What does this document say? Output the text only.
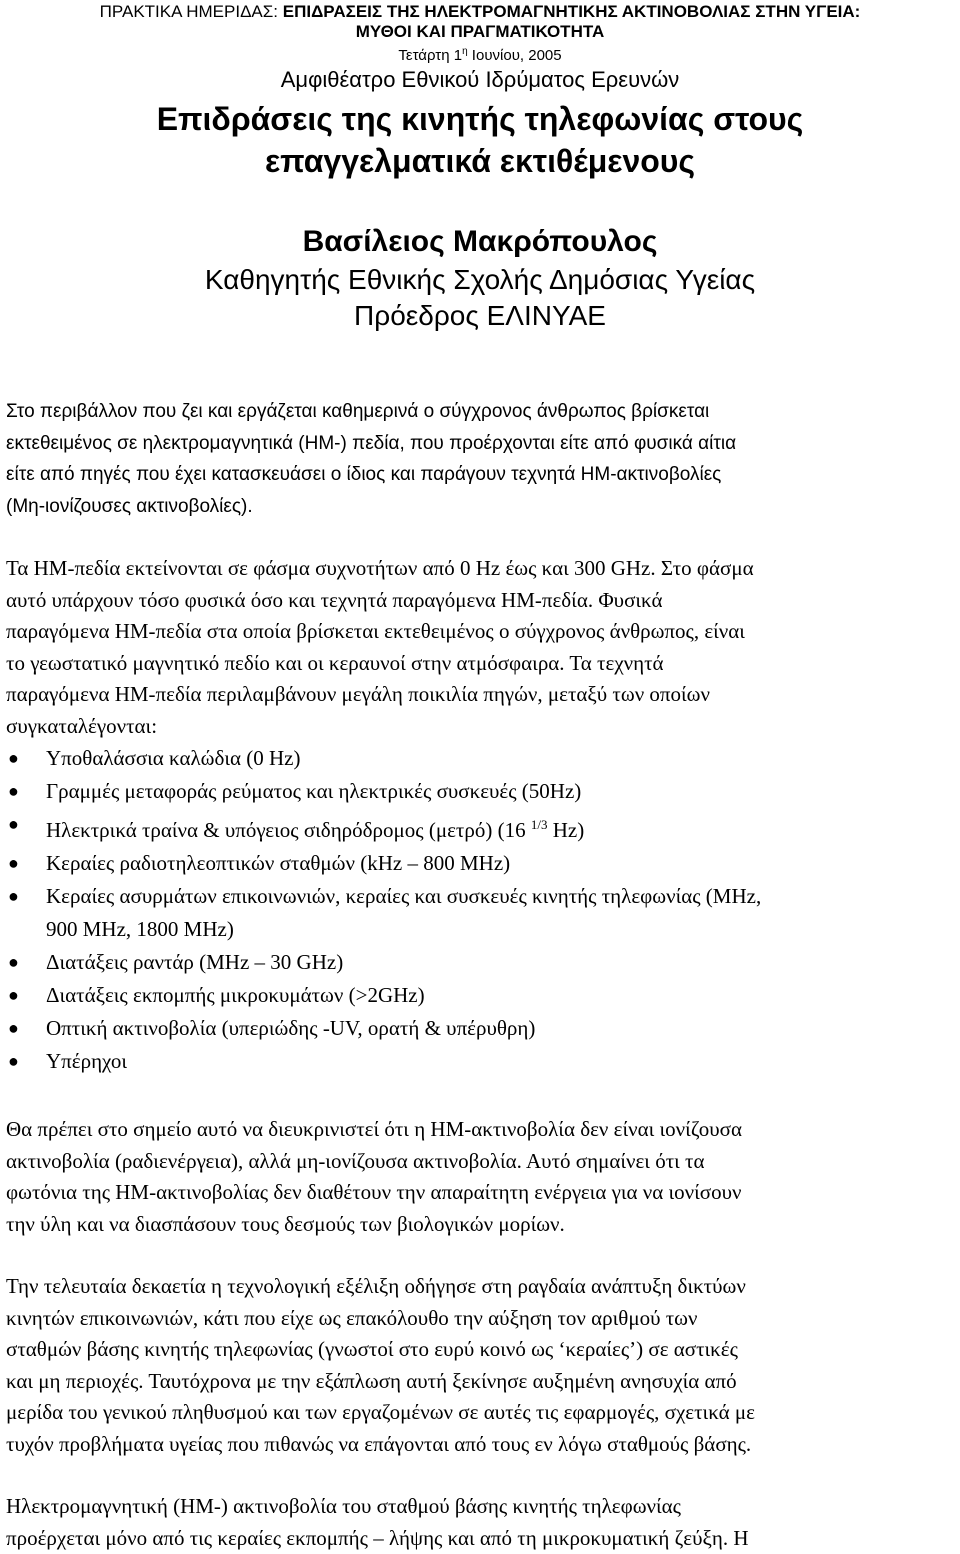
ΠΡΑΚΤΙΚΑ ΗΜΕΡΙΔΑΣ: ΕΠΙΔΡΑΣΕΙΣ ΤΗΣ ΗΛΕΚΤΡΟΜΑΓΝΗΤΙΚΗΣ ΑΚΤΙΝΟΒΟΛΙΑΣ ΣΤΗΝ ΥΓΕΙΑ:
ΜΥΘΟΙ ΚΑΙ ΠΡΑΓΜΑΤΙΚΟΤΗΤΑ
Τετάρτη $1^\eta$ Ιουνίου, 2005
Αμφιθέατρο Εθνικού Ιδρύματος Ερευνών
Επιδράσεις της κινητής τηλεφωνίας στους
επαγγελματικά εκτιθέμενους
Βασίλειος Μακρόπουλος
Καθηγητής Εθνικής Σχολής Δημόσιας Υγείας
Πρόεδρος ΕΛΙΝΥΑΕ
Στο περιβάλλον που ζει και εργάζεται καθημερινά ο σύγχρονος άνθρωπος βρίσκεται
εκτεθειμένος σε ηλεκτρομαγνητικά (ΗΜ-) πεδία, που προέρχονται είτε από φυσικά αίτια
είτε από πηγές που έχει κατασκευάσει ο ίδιος και παράγουν τεχνητά ΗΜ-ακτινοβολίες
(Μη-ιονίζουσες ακτινοβολίες).
Τα ΗΜ-πεδία εκτείνονται σε φάσμα συχνοτήτων από 0 Hz έως και 300 GHz. Στο φάσμα
αυτό υπάρχουν τόσο φυσικά όσο και τεχνητά παραγόμενα ΗΜ-πεδία. Φυσικά
παραγόμενα ΗΜ-πεδία στα οποία βρίσκεται εκτεθειμένος ο σύγχρονος άνθρωπος, είναι
το γεωστατικό μαγνητικό πεδίο και οι κεραυνοί στην ατμόσφαιρα. Τα τεχνητά
παραγόμενα ΗΜ-πεδία περιλαμβάνουν μεγάλη ποικιλία πηγών, μεταξύ των οποίων
συγκαταλέγονται:
● Υποθαλάσσια καλώδια (0 Hz)
● Γραμμές μεταφοράς ρεύματος και ηλεκτρικές συσκευές (50Hz)
● Ηλεκτρικά τραίνα & υπόγειος σιδηρόδρομος (μετρό) (16 $^{1/3}$ Hz)
● Κεραίες ραδιοτηλεοπτικών σταθμών (kHz – 800 MHz)
● Κεραίες ασυρμάτων επικοινωνιών, κεραίες και συσκευές κινητής τηλεφωνίας (MHz,
900 MHz, 1800 MHz)
● Διατάξεις ραντάρ (MHz – 30 GHz)
● Διατάξεις εκπομπής μικροκυμάτων (>2GHz)
● Οπτική ακτινοβολία (υπεριώδης -UV, ορατή & υπέρυθρη)
● Υπέρηχοι
Θα πρέπει στο σημείο αυτό να διευκρινιστεί ότι η ΗΜ-ακτινοβολία δεν είναι ιονίζουσα
ακτινοβολία (ραδιενέργεια), αλλά μη-ιονίζουσα ακτινοβολία. Αυτό σημαίνει ότι τα
φωτόνια της ΗΜ-ακτινοβολίας δεν διαθέτουν την απαραίτητη ενέργεια για να ιονίσουν
την ύλη και να διασπάσουν τους δεσμούς των βιολογικών μορίων.
Την τελευταία δεκαετία η τεχνολογική εξέλιξη οδήγησε στη ραγδαία ανάπτυξη δικτύων
κινητών επικοινωνιών, κάτι που είχε ως επακόλουθο την αύξηση τον αριθμού των
σταθμών βάσης κινητής τηλεφωνίας (γνωστοί στο ευρύ κοινό ως ‘κεραίες’) σε αστικές
και μη περιοχές. Ταυτόχρονα με την εξάπλωση αυτή ξεκίνησε αυξημένη ανησυχία από
μερίδα του γενικού πληθυσμού και των εργαζομένων σε αυτές τις εφαρμογές, σχετικά με
τυχόν προβλήματα υγείας που πιθανώς να επάγονται από τους εν λόγω σταθμούς βάσης.
Ηλεκτρομαγνητική (ΗΜ-) ακτινοβολία του σταθμού βάσης κινητής τηλεφωνίας
προέρχεται μόνο από τις κεραίες εκπομπής – λήψης και από τη μικροκυματική ζεύξη. Η
